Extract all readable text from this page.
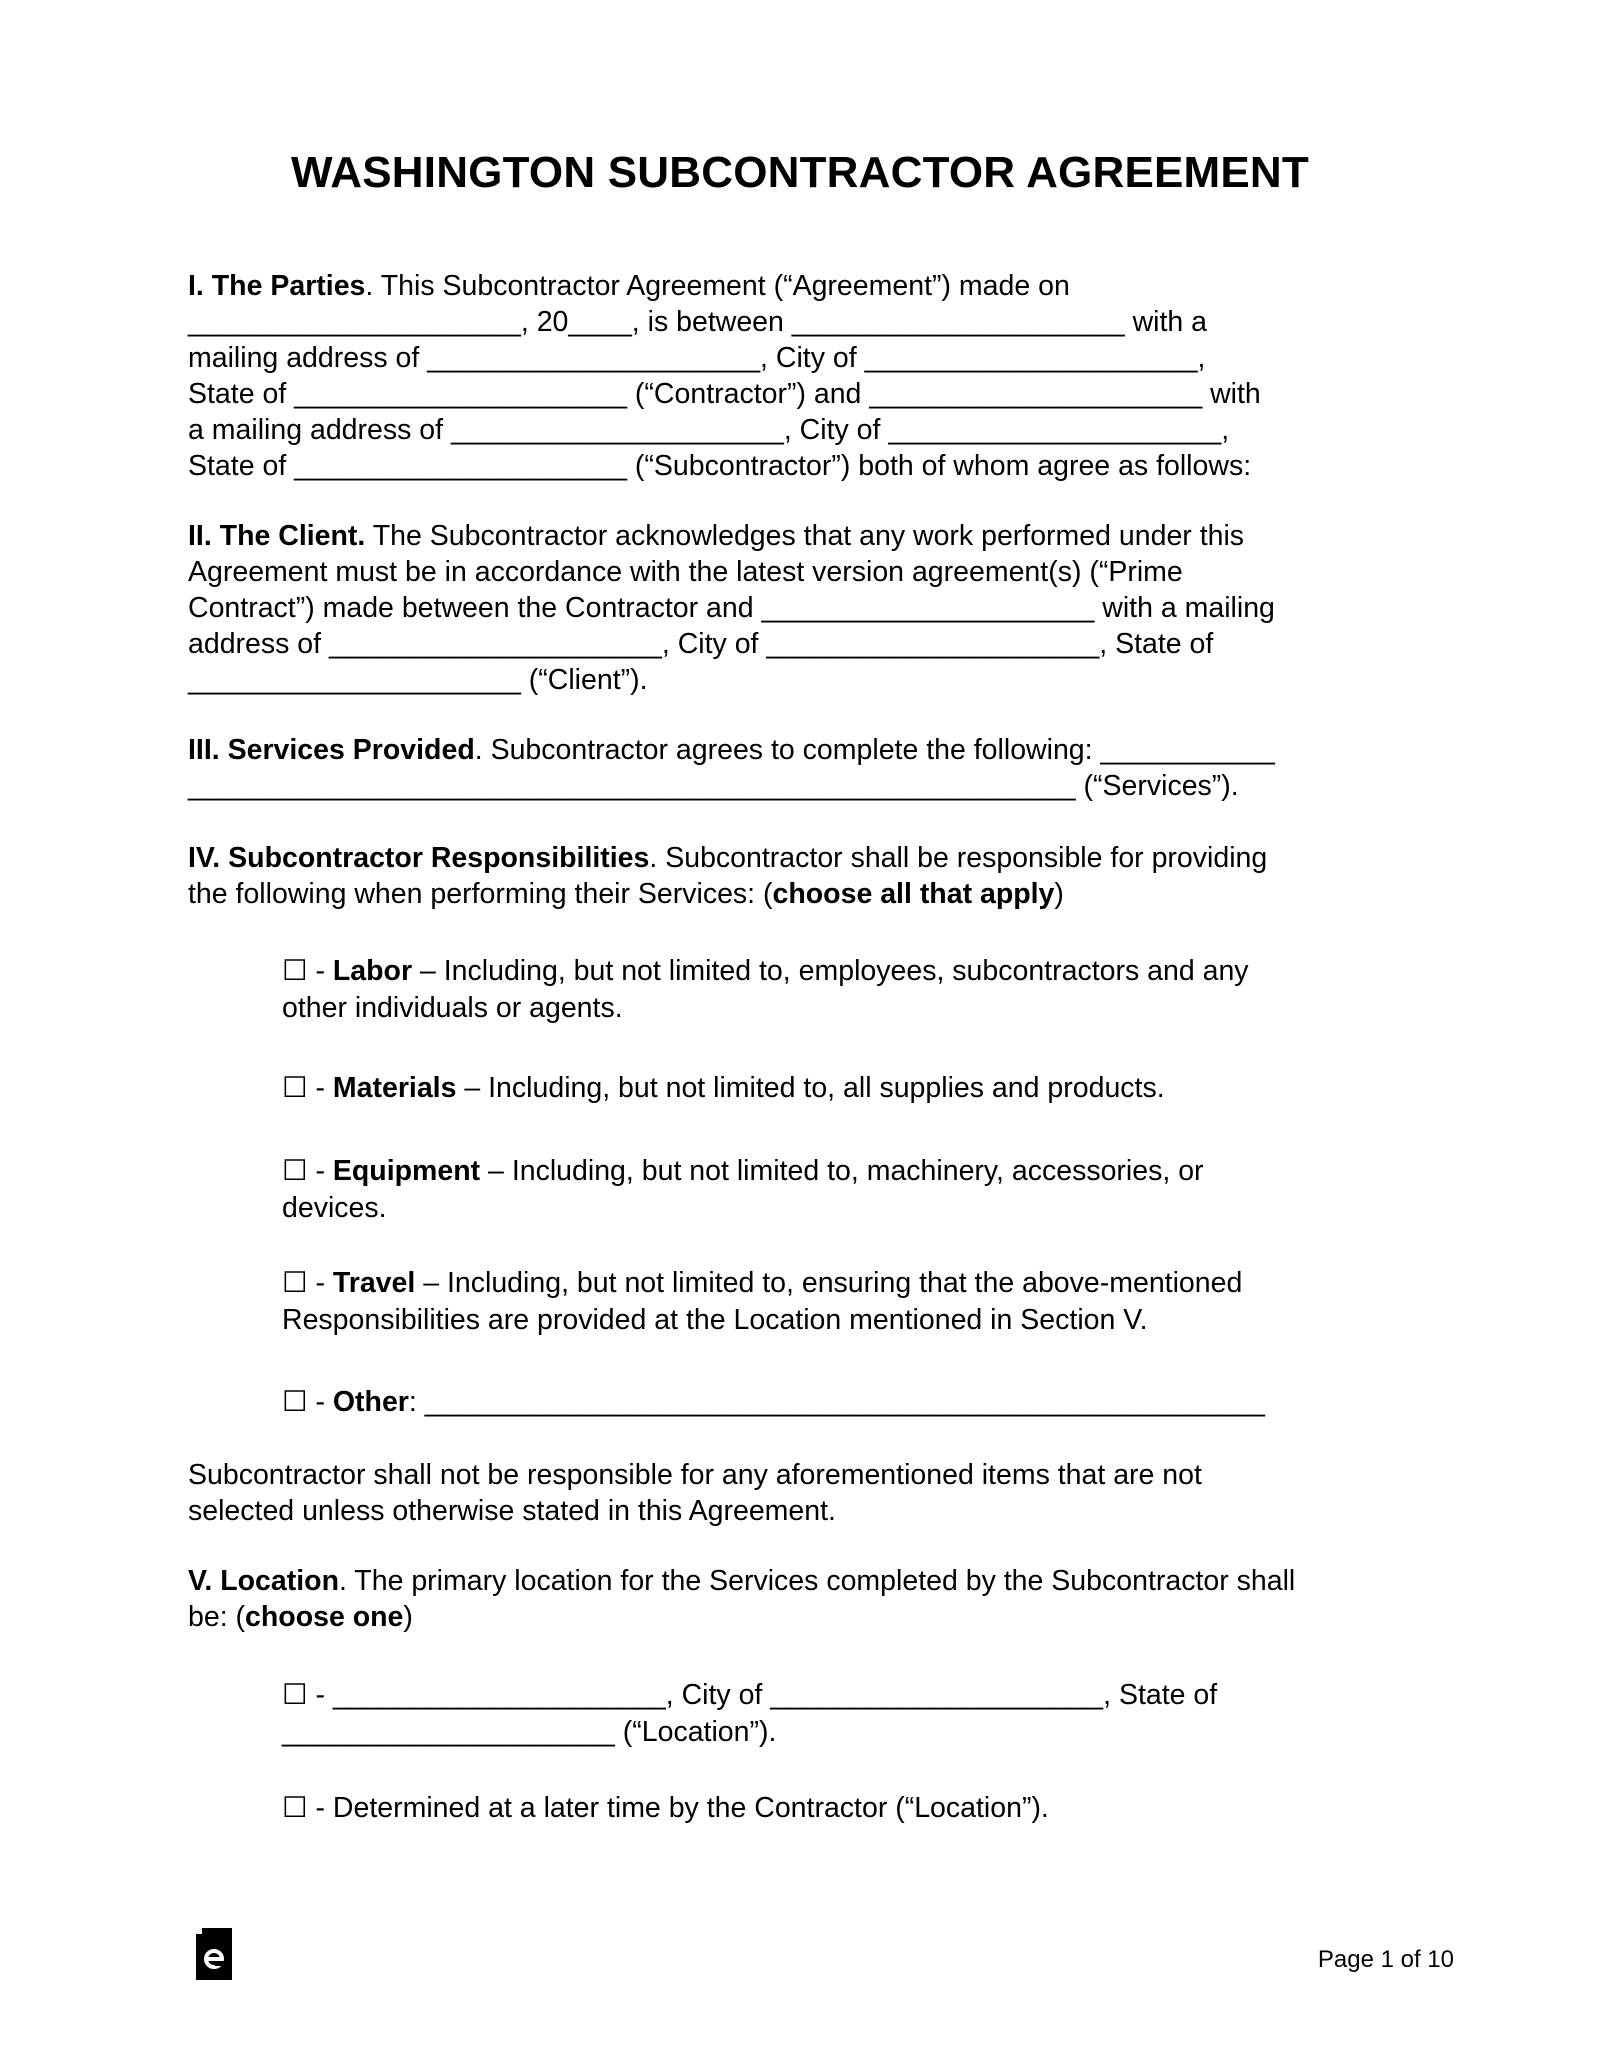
WASHINGTON SUBCONTRACTOR AGREEMENT

I. The Parties. This Subcontractor Agreement (“Agreement”) made on

_____________________, 20____, is between _____________________ with a

mailing address of _____________________, City of _____________________,

State of _____________________ (“Contractor”) and _____________________ with

a mailing address of _____________________, City of _____________________,

State of _____________________ (“Subcontractor”) both of whom agree as follows:

II. The Client. The Subcontractor acknowledges that any work performed under this

Agreement must be in accordance with the latest version agreement(s) (“Prime

Contract”) made between the Contractor and _____________________ with a mailing

address of _____________________, City of _____________________, State of

_____________________ (“Client”).

III. Services Provided. Subcontractor agrees to complete the following: ___________

________________________________________________________ (“Services”).

IV. Subcontractor Responsibilities. Subcontractor shall be responsible for providing

the following when performing their Services: (choose all that apply)

☐ - Labor – Including, but not limited to, employees, subcontractors and any

other individuals or agents.

☐ - Materials – Including, but not limited to, all supplies and products.

☐ - Equipment – Including, but not limited to, machinery, accessories, or

devices.

☐ - Travel – Including, but not limited to, ensuring that the above-mentioned

Responsibilities are provided at the Location mentioned in Section V.

☐ - Other: _____________________________________________________

Subcontractor shall not be responsible for any aforementioned items that are not

selected unless otherwise stated in this Agreement.

V. Location. The primary location for the Services completed by the Subcontractor shall

be: (choose one)

☐ - _____________________, City of _____________________, State of

_____________________ (“Location”).

☐ - Determined at a later time by the Contractor (“Location”).

Page 1 of 10
